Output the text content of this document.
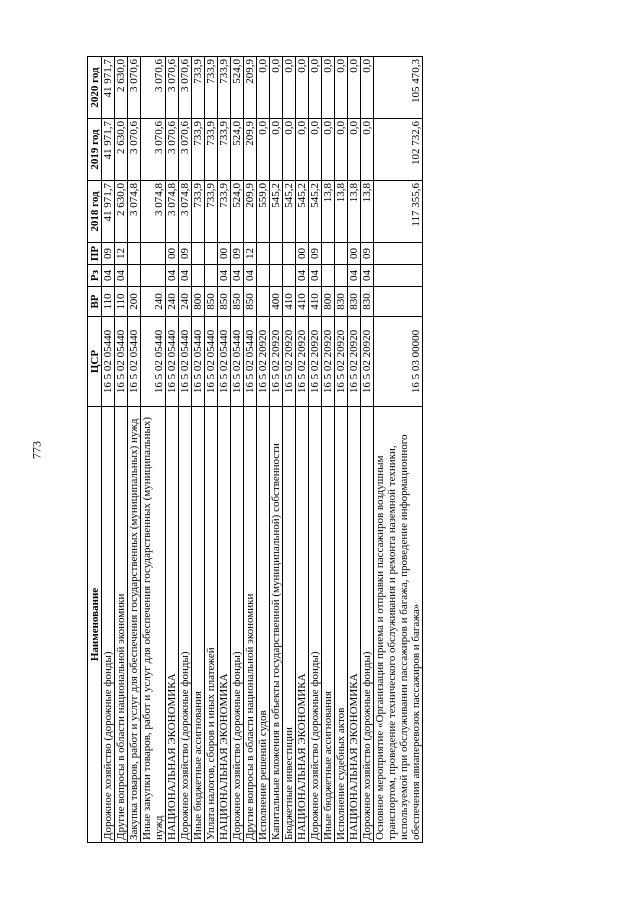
773
Наименование	ЦСР	ВР	Рз	ПР	2018 год	2019 год	2020 год
Дорожное хозяйство (дорожные фонды)	16 5 02 05440	110	04	09	41 971,7	41 971,7	41 971,7
Другие вопросы в области национальной экономики	16 5 02 05440	110	04	12	2 630,0	2 630,0	2 630,0
Закупка товаров, работ и услуг для обеспечения государственных (муниципальных) нужд	16 5 02 05440	200			3 074,8	3 070,6	3 070,6
Иные закупки товаров, работ и услуг для обеспечения государственных (муниципальных) нужд	16 5 02 05440	240			3 074,8	3 070,6	3 070,6
НАЦИОНАЛЬНАЯ ЭКОНОМИКА	16 5 02 05440	240	04	00	3 074,8	3 070,6	3 070,6
Дорожное хозяйство (дорожные фонды)	16 5 02 05440	240	04	09	3 074,8	3 070,6	3 070,6
Иные бюджетные ассигнования	16 5 02 05440	800			733,9	733,9	733,9
Уплата налогов, сборов и иных платежей	16 5 02 05440	850			733,9	733,9	733,9
НАЦИОНАЛЬНАЯ ЭКОНОМИКА	16 5 02 05440	850	04	00	733,9	733,9	733,9
Дорожное хозяйство (дорожные фонды)	16 5 02 05440	850	04	09	524,0	524,0	524,0
Другие вопросы в области национальной экономики	16 5 02 05440	850	04	12	209,9	209,9	209,9
Исполнение решений судов	16 5 02 20920				559,0	0,0	0,0
Капитальные вложения в объекты государственной (муниципальной) собственности	16 5 02 20920	400			545,2	0,0	0,0
Бюджетные инвестиции	16 5 02 20920	410			545,2	0,0	0,0
НАЦИОНАЛЬНАЯ ЭКОНОМИКА	16 5 02 20920	410	04	00	545,2	0,0	0,0
Дорожное хозяйство (дорожные фонды)	16 5 02 20920	410	04	09	545,2	0,0	0,0
Иные бюджетные ассигнования	16 5 02 20920	800			13,8	0,0	0,0
Исполнение судебных актов	16 5 02 20920	830			13,8	0,0	0,0
НАЦИОНАЛЬНАЯ ЭКОНОМИКА	16 5 02 20920	830	04	00	13,8	0,0	0,0
Дорожное хозяйство (дорожные фонды)	16 5 02 20920	830	04	09	13,8	0,0	0,0
Основное мероприятие «Организация приема и отправки пассажиров воздушным транспортом, проведение технического обслуживания и ремонта наземной техники, используемой при обслуживании пассажиров и багажа, проведение информационного обеспечения авиаперевозок пассажиров и багажа»	16 5 03 00000				117 355,6	102 732,6	105 470,3
